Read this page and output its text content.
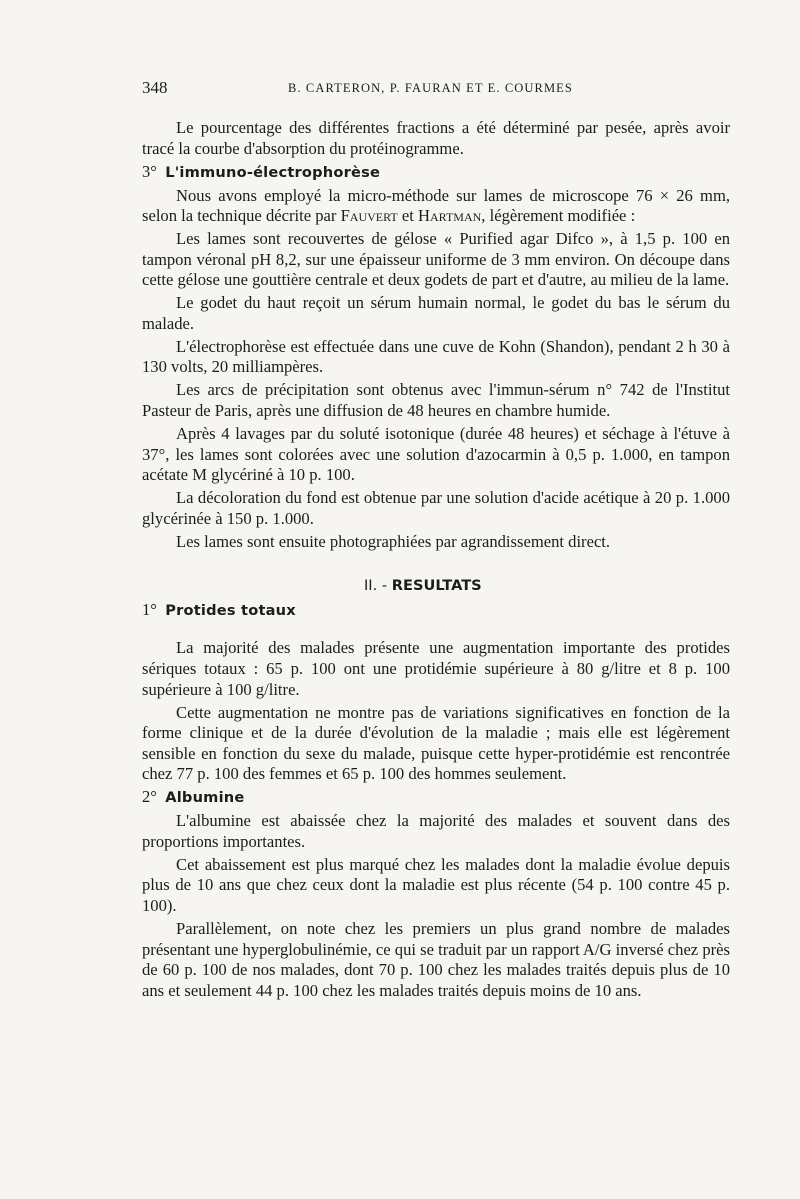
348	B. CARTERON, P. FAURAN ET E. COURMES

Le pourcentage des différentes fractions a été déterminé par pesée, après avoir tracé la courbe d'absorption du protéinogramme.

3° L'immuno-électrophorèse

Nous avons employé la micro-méthode sur lames de microscope 76 × 26 mm, selon la technique décrite par Fauvert et Hartman, légèrement modifiée :

Les lames sont recouvertes de gélose « Purified agar Difco », à 1,5 p. 100 en tampon véronal pH 8,2, sur une épaisseur uniforme de 3 mm environ. On découpe dans cette gélose une gouttière centrale et deux godets de part et d'autre, au milieu de la lame.

Le godet du haut reçoit un sérum humain normal, le godet du bas le sérum du malade.

L'électrophorèse est effectuée dans une cuve de Kohn (Shandon), pendant 2 h 30 à 130 volts, 20 milliampères.

Les arcs de précipitation sont obtenus avec l'immun-sérum n° 742 de l'Institut Pasteur de Paris, après une diffusion de 48 heures en chambre humide.

Après 4 lavages par du soluté isotonique (durée 48 heures) et séchage à l'étuve à 37°, les lames sont colorées avec une solution d'azocarmin à 0,5 p. 1.000, en tampon acétate M glycériné à 10 p. 100.

La décoloration du fond est obtenue par une solution d'acide acétique à 20 p. 1.000 glycérinée à 150 p. 1.000.

Les lames sont ensuite photographiées par agrandissement direct.

II. - RESULTATS
1° Protides totaux

La majorité des malades présente une augmentation importante des protides sériques totaux : 65 p. 100 ont une protidémie supérieure à 80 g/litre et 8 p. 100 supérieure à 100 g/litre.

Cette augmentation ne montre pas de variations significatives en fonction de la forme clinique et de la durée d'évolution de la maladie ; mais elle est légèrement sensible en fonction du sexe du malade, puisque cette hyper-protidémie est rencontrée chez 77 p. 100 des femmes et 65 p. 100 des hommes seulement.

2° Albumine

L'albumine est abaissée chez la majorité des malades et souvent dans des proportions importantes.

Cet abaissement est plus marqué chez les malades dont la maladie évolue depuis plus de 10 ans que chez ceux dont la maladie est plus récente (54 p. 100 contre 45 p. 100).

Parallèlement, on note chez les premiers un plus grand nombre de malades présentant une hyperglobulinémie, ce qui se traduit par un rapport A/G inversé chez près de 60 p. 100 de nos malades, dont 70 p. 100 chez les malades traités depuis plus de 10 ans et seulement 44 p. 100 chez les malades traités depuis moins de 10 ans.
